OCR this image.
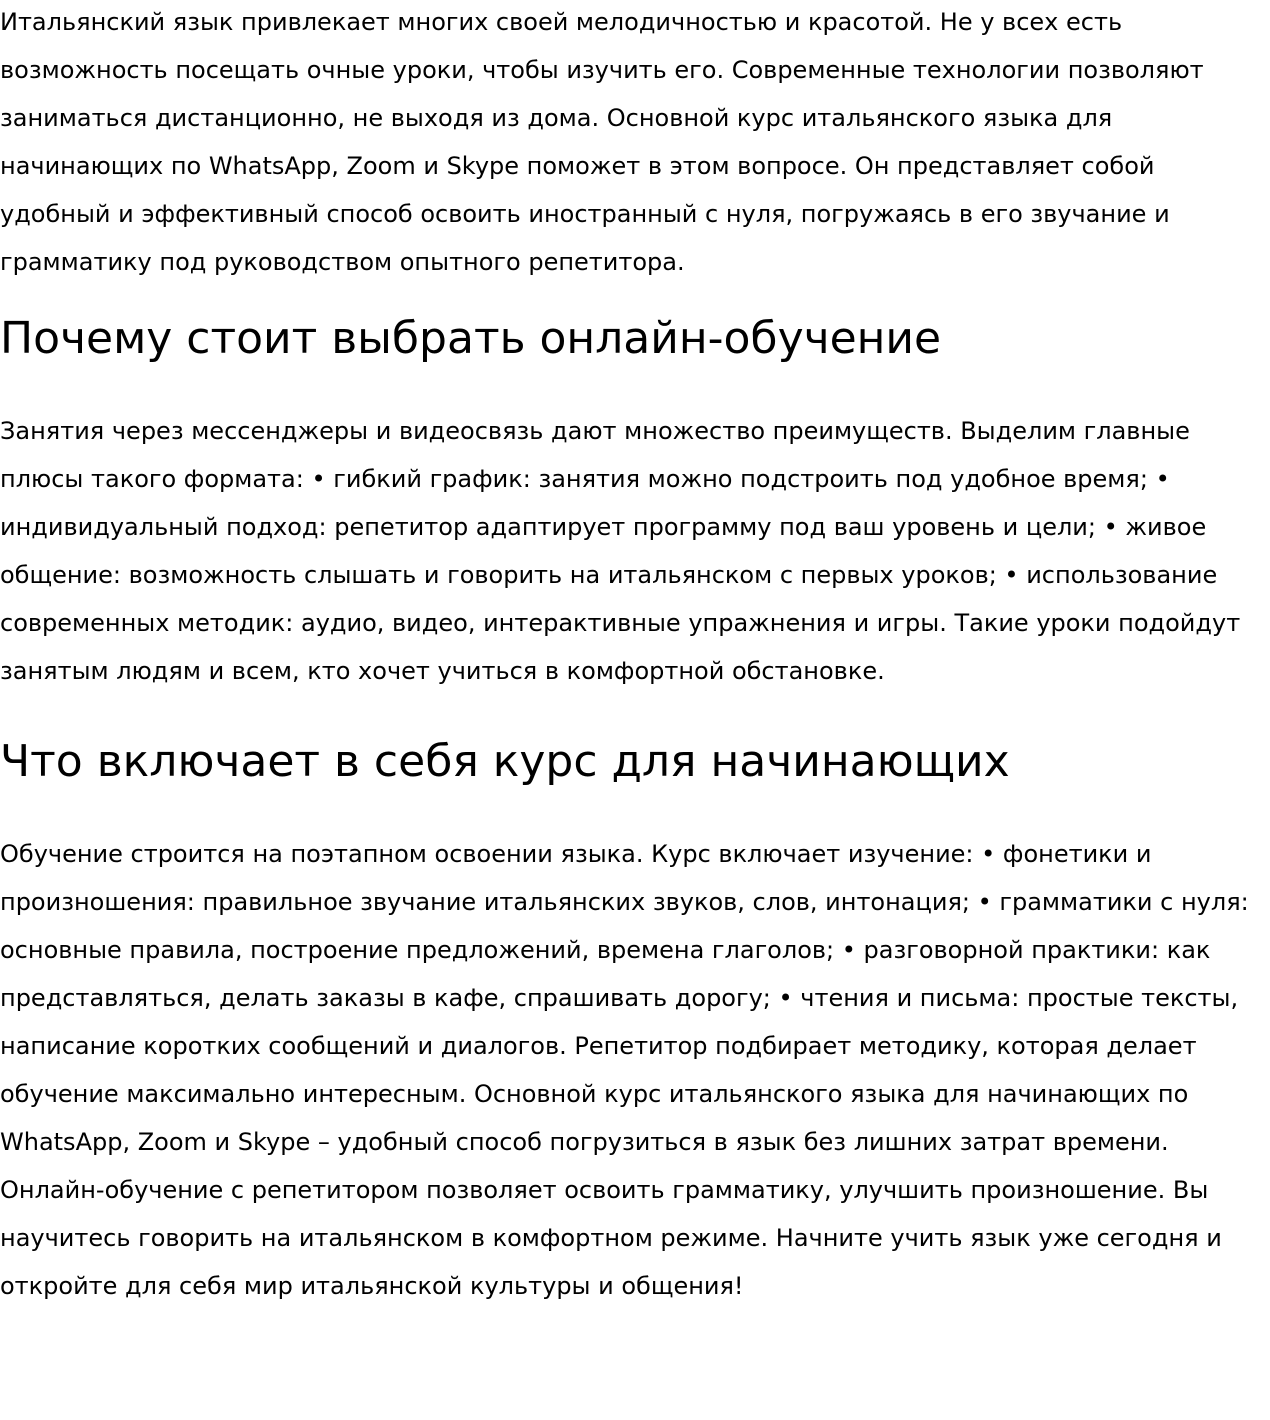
Итальянский язык привлекает многих своей мелодичностью и красотой. Не у всех есть возможность посещать очные уроки, чтобы изучить его. Современные технологии позволяют заниматься дистанционно, не выходя из дома. Основной курс итальянского языка для начинающих по WhatsApp, Zoom и Skype поможет в этом вопросе. Он представляет собой удобный и эффективный способ освоить иностранный с нуля, погружаясь в его звучание и грамматику под руководством опытного репетитора.

Почему стоит выбрать онлайн-обучение

Занятия через мессенджеры и видеосвязь дают множество преимуществ. Выделим главные плюсы такого формата: • гибкий график: занятия можно подстроить под удобное время; • индивидуальный подход: репетитор адаптирует программу под ваш уровень и цели; • живое общение: возможность слышать и говорить на итальянском с первых уроков; • использование современных методик: аудио, видео, интерактивные упражнения и игры. Такие уроки подойдут занятым людям и всем, кто хочет учиться в комфортной обстановке.

Что включает в себя курс для начинающих

Обучение строится на поэтапном освоении языка. Курс включает изучение: • фонетики и произношения: правильное звучание итальянских звуков, слов, интонация; • грамматики с нуля: основные правила, построение предложений, времена глаголов; • разговорной практики: как представляться, делать заказы в кафе, спрашивать дорогу; • чтения и письма: простые тексты, написание коротких сообщений и диалогов. Репетитор подбирает методику, которая делает обучение максимально интересным. Основной курс итальянского языка для начинающих по WhatsApp, Zoom и Skype – удобный способ погрузиться в язык без лишних затрат времени. Онлайн-обучение с репетитором позволяет освоить грамматику, улучшить произношение. Вы научитесь говорить на итальянском в комфортном режиме. Начните учить язык уже сегодня и откройте для себя мир итальянской культуры и общения!
